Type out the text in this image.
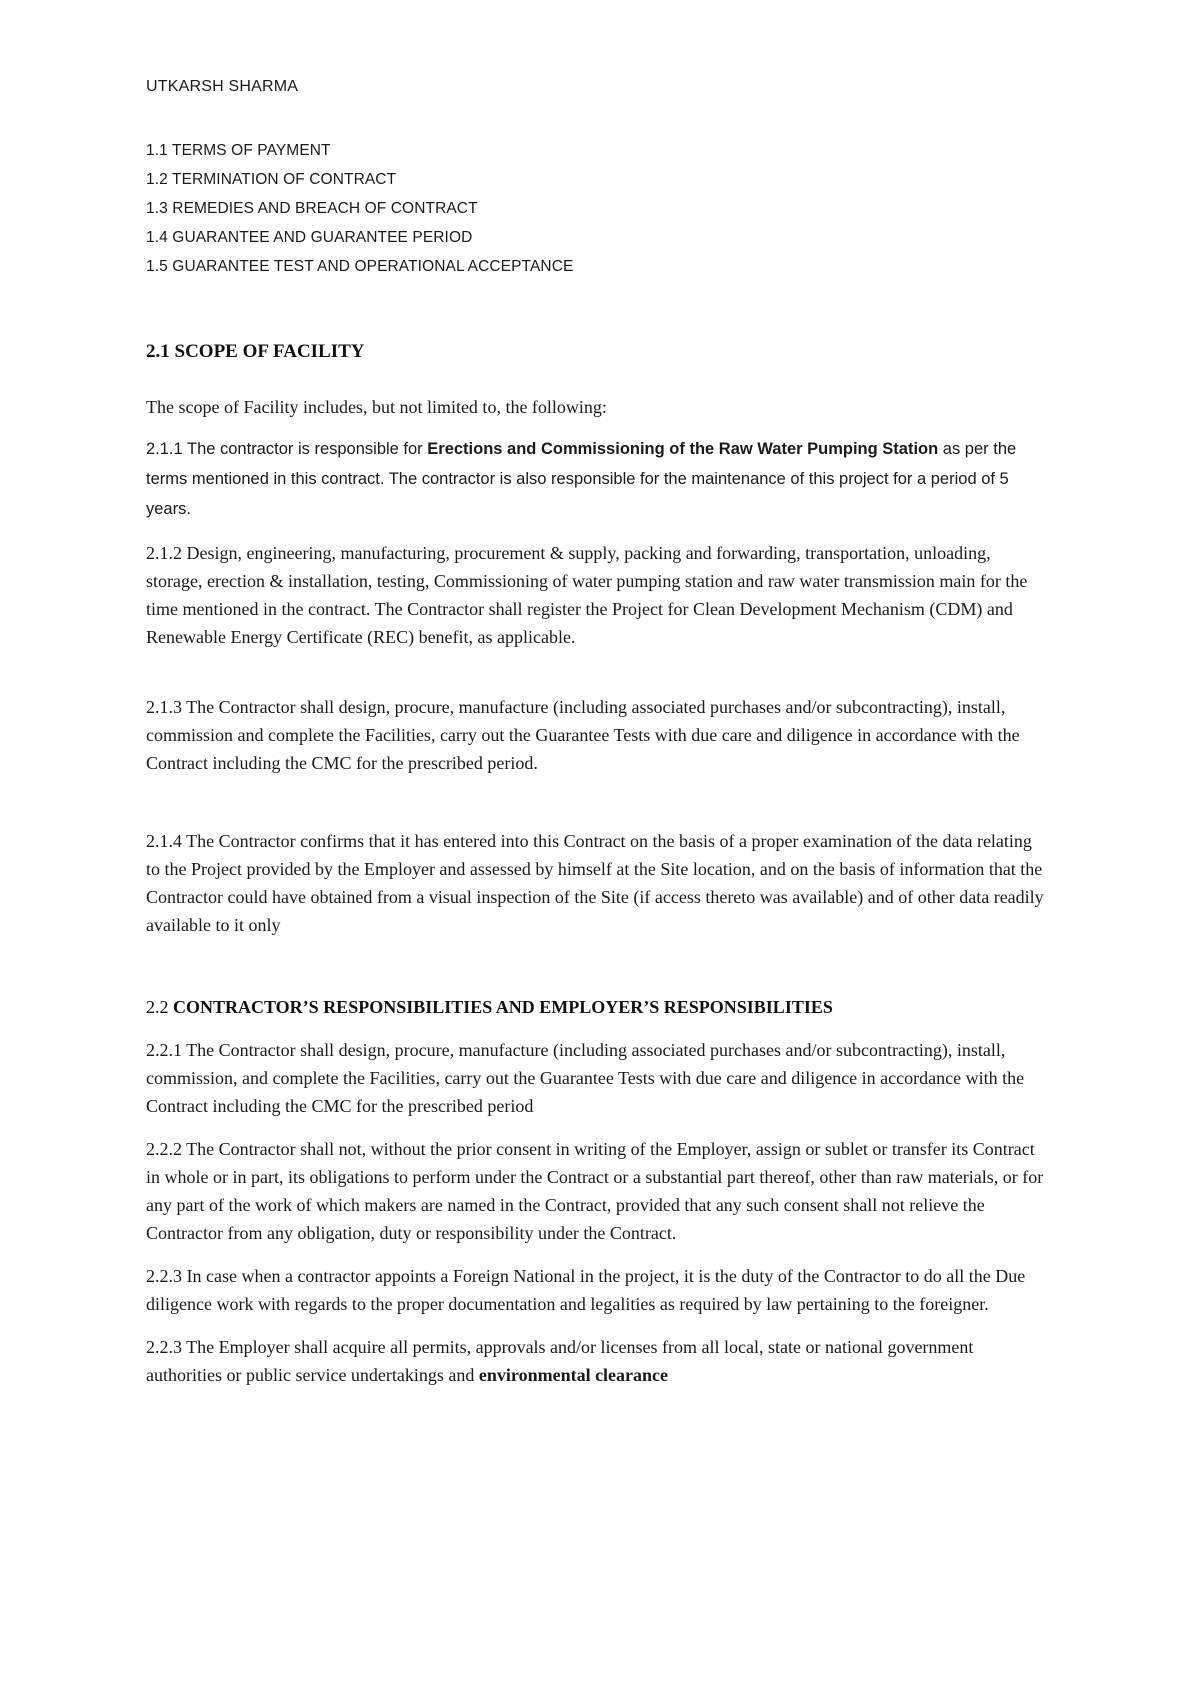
UTKARSH SHARMA
1.1 TERMS OF PAYMENT
1.2 TERMINATION OF CONTRACT
1.3 REMEDIES AND BREACH OF CONTRACT
1.4 GUARANTEE AND GUARANTEE PERIOD
1.5 GUARANTEE TEST AND OPERATIONAL ACCEPTANCE
2.1 SCOPE OF FACILITY

The scope of Facility includes, but not limited to, the following:

2.1.1 The contractor is responsible for Erections and Commissioning of the Raw Water Pumping Station as per the terms mentioned in this contract. The contractor is also responsible for the maintenance of this project for a period of 5 years.

2.1.2 Design, engineering, manufacturing, procurement & supply, packing and forwarding, transportation, unloading, storage, erection & installation, testing, Commissioning of water pumping station and raw water transmission main for the time mentioned in the contract. The Contractor shall register the Project for Clean Development Mechanism (CDM) and Renewable Energy Certificate (REC) benefit, as applicable.

2.1.3 The Contractor shall design, procure, manufacture (including associated purchases and/or subcontracting), install, commission and complete the Facilities, carry out the Guarantee Tests with due care and diligence in accordance with the Contract including the CMC for the prescribed period.

2.1.4 The Contractor confirms that it has entered into this Contract on the basis of a proper examination of the data relating to the Project provided by the Employer and assessed by himself at the Site location, and on the basis of information that the Contractor could have obtained from a visual inspection of the Site (if access thereto was available) and of other data readily available to it only

2.2 CONTRACTOR’S RESPONSIBILITIES AND EMPLOYER’S RESPONSIBILITIES

2.2.1 The Contractor shall design, procure, manufacture (including associated purchases and/or subcontracting), install, commission, and complete the Facilities, carry out the Guarantee Tests with due care and diligence in accordance with the Contract including the CMC for the prescribed period

2.2.2 The Contractor shall not, without the prior consent in writing of the Employer, assign or sublet or transfer its Contract in whole or in part, its obligations to perform under the Contract or a substantial part thereof, other than raw materials, or for any part of the work of which makers are named in the Contract, provided that any such consent shall not relieve the Contractor from any obligation, duty or responsibility under the Contract.

2.2.3 In case when a contractor appoints a Foreign National in the project, it is the duty of the Contractor to do all the Due diligence work with regards to the proper documentation and legalities as required by law pertaining to the foreigner.

2.2.3 The Employer shall acquire all permits, approvals and/or licenses from all local, state or national government authorities or public service undertakings and environmental clearance
